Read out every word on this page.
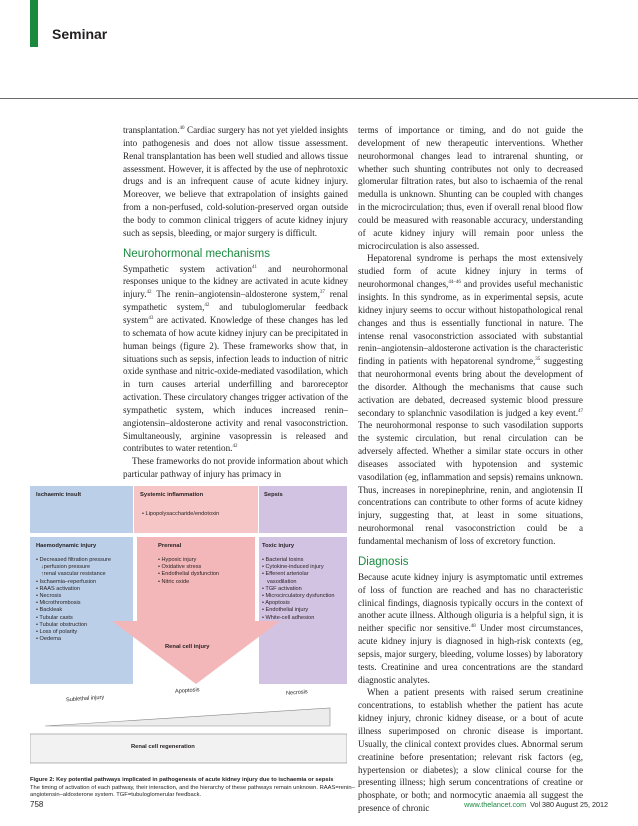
Seminar

transplantation.$^{40}$ Cardiac surgery has not yet yielded insights into pathogenesis and does not allow tissue assessment. Renal transplantation has been well studied and allows tissue assessment. However, it is affected by the use of nephrotoxic drugs and is an infrequent cause of acute kidney injury. Moreover, we believe that extrapolation of insights gained from a non-perfused, cold-solution-preserved organ outside the body to common clinical triggers of acute kidney injury such as sepsis, bleeding, or major surgery is difficult.

Neurohormonal mechanisms

Sympathetic system activation$^{41}$ and neurohormonal responses unique to the kidney are activated in acute kidney injury.$^{42}$ The renin–angiotensin–aldosterone system,$^{37}$ renal sympathetic system,$^{42}$ and tubuloglomerular feedback system$^{43}$ are activated. Knowledge of these changes has led to schemata of how acute kidney injury can be precipitated in human beings (figure 2). These frameworks show that, in situations such as sepsis, infection leads to induction of nitric oxide synthase and nitric-oxide-mediated vasodilation, which in turn causes arterial underfilling and baroreceptor activation. These circulatory changes trigger activation of the sympathetic system, which induces increased renin–angiotensin–aldosterone activity and renal vasoconstriction. Simultaneously, arginine vasopressin is released and contributes to water retention.$^{42}$

These frameworks do not provide information about which particular pathway of injury has primacy in

terms of importance or timing, and do not guide the development of new therapeutic interventions. Whether neurohormonal changes lead to intrarenal shunting, or whether such shunting contributes not only to decreased glomerular filtration rates, but also to ischaemia of the renal medulla is unknown. Shunting can be coupled with changes in the microcirculation; thus, even if overall renal blood flow could be measured with reasonable accuracy, understanding of acute kidney injury will remain poor unless the microcirculation is also assessed.

Hepatorenal syndrome is perhaps the most extensively studied form of acute kidney injury in terms of neurohormonal changes,$^{44-46}$ and provides useful mechanistic insights. In this syndrome, as in experimental sepsis, acute kidney injury seems to occur without histopathological renal changes and thus is essentially functional in nature. The intense renal vasoconstriction associated with substantial renin–angiotensin–aldosterone activation is the characteristic finding in patients with hepatorenal syndrome,$^{35}$ suggesting that neurohormonal events bring about the development of the disorder. Although the mechanisms that cause such activation are debated, decreased systemic blood pressure secondary to splanchnic vasodilation is judged a key event.$^{47}$ The neurohormonal response to such vasodilation supports the systemic circulation, but renal circulation can be adversely affected. Whether a similar state occurs in other diseases associated with hypotension and systemic vasodilation (eg, inflammation and sepsis) remains unknown. Thus, increases in norepinephrine, renin, and angiotensin II concentrations can contribute to other forms of acute kidney injury, suggesting that, at least in some situations, neurohormonal renal vasoconstriction could be a fundamental mechanism of loss of excretory function.

Diagnosis

Because acute kidney injury is asymptomatic until extremes of loss of function are reached and has no characteristic clinical findings, diagnosis typically occurs in the context of another acute illness. Although oliguria is a helpful sign, it is neither specific nor sensitive.$^{48}$ Under most circumstances, acute kidney injury is diagnosed in high-risk contexts (eg, sepsis, major surgery, bleeding, volume losses) by laboratory tests. Creatinine and urea concentrations are the standard diagnostic analytes.

When a patient presents with raised serum creatinine concentrations, to establish whether the patient has acute kidney injury, chronic kidney disease, or a bout of acute illness superimposed on chronic disease is important. Usually, the clinical context provides clues. Abnormal serum creatinine before presentation; relevant risk factors (eg, hypertension or diabetes); a slow clinical course for the presenting illness; high serum concentrations of creatine or phosphate, or both; and normocytic anaemia all suggest the presence of chronic

Ischaemic insult	Systemic inflammation
• Lipopolysaccharide/endotoxin
Sepsis
Haemodynamic injury
• Decreased filtration pressure
↓perfusion pressure
↑renal vascular resistance
• Ischaemia–reperfusion
• RAAS activation
• Necrosis
• Microthrombosis
• Backleak
• Tubular casts
• Tubular obstruction
• Loss of polarity
• Oedema
Prerenal
• Hypoxic injury
• Oxidative stress
• Endothelial dysfunction
• Nitric oxide
Toxic injury
• Bacterial toxins
• Cytokine-induced injury
• Efferent arteriolar
vasodilation
• TGF activation
• Microcirculatory dysfunction
• Apoptosis
• Endothelial injury
• White-cell adhesion
Renal cell injury
Necrosis
Apoptosis
Sublethal injury
Renal cell regeneration
Figure 2: Key potential pathways implicated in pathogenesis of acute kidney injury due to ischaemia or sepsis
The timing of activation of each pathway, their interaction, and the hierarchy of these pathways remain unknown. RAAS=renin–angiotensin–aldosterone system. TGF=tubuloglomerular feedback.
758	www.thelancet.com Vol 380 August 25, 2012
